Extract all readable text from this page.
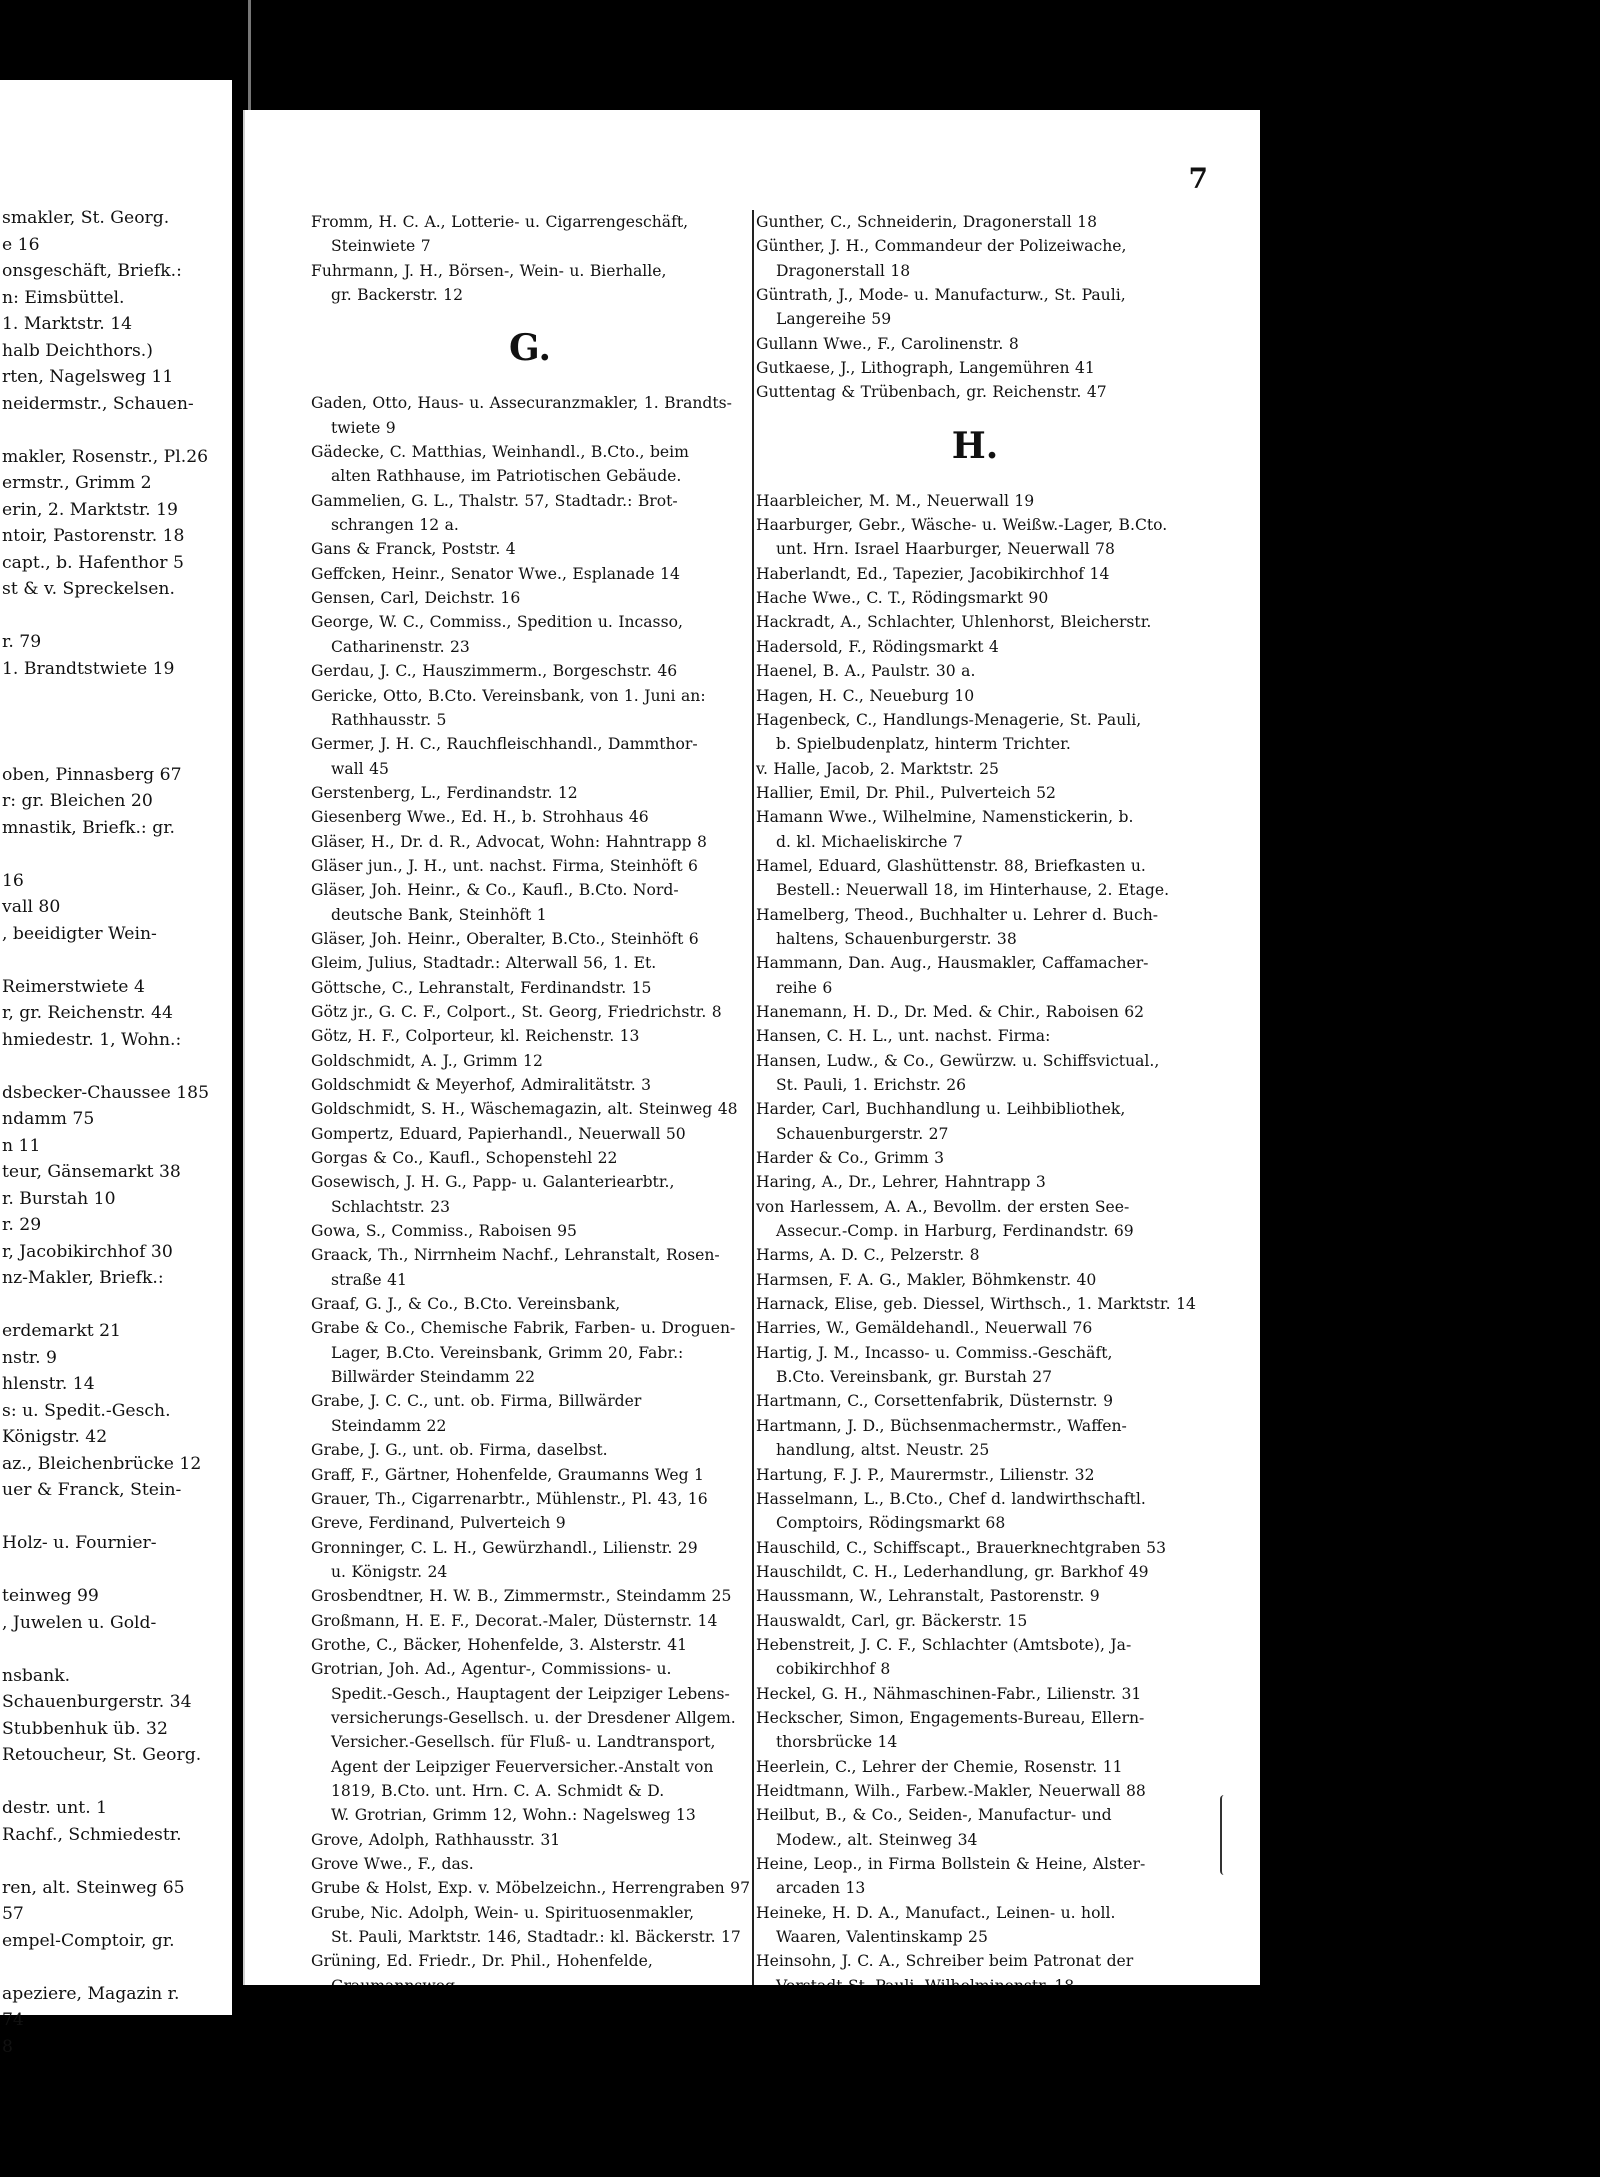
smakler, St. Georg.
e 16
onsgeschäft, Briefk.:
n: Eimsbüttel.
1. Marktstr. 14
halb Deichthors.)
rten, Nagelsweg 11
neidermstr., Schauen-

makler, Rosenstr., Pl.26
ermstr., Grimm 2
erin, 2. Marktstr. 19
ntoir, Pastorenstr. 18
capt., b. Hafenthor 5
st & v. Spreckelsen.

r. 79
1. Brandtstwiete 19

oben, Pinnasberg 67
r: gr. Bleichen 20
mnastik, Briefk.: gr.

16
vall 80
, beeidigter Wein-

Reimerstwiete 4
r, gr. Reichenstr. 44
hmiedestr. 1, Wohn.:

dsbecker-Chaussee 185
ndamm 75
n 11
teur, Gänsemarkt 38
r. Burstah 10
r. 29
r, Jacobikirchhof 30
nz-Makler, Briefk.:

erdemarkt 21
nstr. 9
hlenstr. 14
s: u. Spedit.-Gesch.
Königstr. 42
az., Bleichenbrücke 12
uer & Franck, Stein-

Holz- u. Fournier-

teinweg 99
, Juwelen u. Gold-

nsbank.
Schauenburgerstr. 34
Stubbenhuk üb. 32
Retoucheur, St. Georg.

destr. unt. 1
Rachf., Schmiedestr.

ren, alt. Steinweg 65
57
empel-Comptoir, gr.

apeziere, Magazin r.
74
8
7
Fromm, H. C. A., Lotterie- u. Cigarrengeschäft,
Steinwiete 7
Fuhrmann, J. H., Börsen-, Wein- u. Bierhalle,
gr. Backerstr. 12
G.
Gaden, Otto, Haus- u. Assecuranzmakler, 1. Brandts-
twiete 9
Gädecke, C. Matthias, Weinhandl., B.Cto., beim
alten Rathhause, im Patriotischen Gebäude.
Gammelien, G. L., Thalstr. 57, Stadtadr.: Brot-
schrangen 12 a.
Gans & Franck, Poststr. 4
Geffcken, Heinr., Senator Wwe., Esplanade 14
Gensen, Carl, Deichstr. 16
George, W. C., Commiss., Spedition u. Incasso,
Catharinenstr. 23
Gerdau, J. C., Hauszimmerm., Borgeschstr. 46
Gericke, Otto, B.Cto. Vereinsbank, von 1. Juni an:
Rathhausstr. 5
Germer, J. H. C., Rauchfleischhandl., Dammthor-
wall 45
Gerstenberg, L., Ferdinandstr. 12
Giesenberg Wwe., Ed. H., b. Strohhaus 46
Gläser, H., Dr. d. R., Advocat, Wohn: Hahntrapp 8
Gläser jun., J. H., unt. nachst. Firma, Steinhöft 6
Gläser, Joh. Heinr., & Co., Kaufl., B.Cto. Nord-
deutsche Bank, Steinhöft 1
Gläser, Joh. Heinr., Oberalter, B.Cto., Steinhöft 6
Gleim, Julius, Stadtadr.: Alterwall 56, 1. Et.
Göttsche, C., Lehranstalt, Ferdinandstr. 15
Götz jr., G. C. F., Colport., St. Georg, Friedrichstr. 8
Götz, H. F., Colporteur, kl. Reichenstr. 13
Goldschmidt, A. J., Grimm 12
Goldschmidt & Meyerhof, Admiralitätstr. 3
Goldschmidt, S. H., Wäschemagazin, alt. Steinweg 48
Gompertz, Eduard, Papierhandl., Neuerwall 50
Gorgas & Co., Kaufl., Schopenstehl 22
Gosewisch, J. H. G., Papp- u. Galanteriearbtr.,
Schlachtstr. 23
Gowa, S., Commiss., Raboisen 95
Graack, Th., Nirrnheim Nachf., Lehranstalt, Rosen-
straße 41
Graaf, G. J., & Co., B.Cto. Vereinsbank,
Grabe & Co., Chemische Fabrik, Farben- u. Droguen-
Lager, B.Cto. Vereinsbank, Grimm 20, Fabr.:
Billwärder Steindamm 22
Grabe, J. C. C., unt. ob. Firma, Billwärder
Steindamm 22
Grabe, J. G., unt. ob. Firma, daselbst.
Graff, F., Gärtner, Hohenfelde, Graumanns Weg 1
Grauer, Th., Cigarrenarbtr., Mühlenstr., Pl. 43, 16
Greve, Ferdinand, Pulverteich 9
Gronninger, C. L. H., Gewürzhandl., Lilienstr. 29
u. Königstr. 24
Grosbendtner, H. W. B., Zimmermstr., Steindamm 25
Großmann, H. E. F., Decorat.-Maler, Düsternstr. 14
Grothe, C., Bäcker, Hohenfelde, 3. Alsterstr. 41
Grotrian, Joh. Ad., Agentur-, Commissions- u.
Spedit.-Gesch., Hauptagent der Leipziger Lebens-
versicherungs-Gesellsch. u. der Dresdener Allgem.
Versicher.-Gesellsch. für Fluß- u. Landtransport,
Agent der Leipziger Feuerversicher.-Anstalt von
1819, B.Cto. unt. Hrn. C. A. Schmidt & D.
W. Grotrian, Grimm 12, Wohn.: Nagelsweg 13
Grove, Adolph, Rathhausstr. 31
Grove Wwe., F., das.
Grube & Holst, Exp. v. Möbelzeichn., Herrengraben 97
Grube, Nic. Adolph, Wein- u. Spirituosenmakler,
St. Pauli, Marktstr. 146, Stadtadr.: kl. Bäckerstr. 17
Grüning, Ed. Friedr., Dr. Phil., Hohenfelde,
Gunther, C., Schneiderin, Dragonerstall 18
Günther, J. H., Commandeur der Polizeiwache,
Dragonerstall 18
Güntrath, J., Mode- u. Manufacturw., St. Pauli,
Langereihe 59
Gullann Wwe., F., Carolinenstr. 8
Gutkaese, J., Lithograph, Langemühren 41
Guttentag & Trübenbach, gr. Reichenstr. 47
H.
Haarbleicher, M. M., Neuerwall 19
Haarburger, Gebr., Wäsche- u. Weißw.-Lager, B.Cto.
unt. Hrn. Israel Haarburger, Neuerwall 78
Haberlandt, Ed., Tapezier, Jacobikirchhof 14
Hache Wwe., C. T., Rödingsmarkt 90
Hackradt, A., Schlachter, Uhlenhorst, Bleicherstr.
Hadersold, F., Rödingsmarkt 4
Haenel, B. A., Paulstr. 30 a.
Hagen, H. C., Neueburg 10
Hagenbeck, C., Handlungs-Menagerie, St. Pauli,
b. Spielbudenplatz, hinterm Trichter.
v. Halle, Jacob, 2. Marktstr. 25
Hallier, Emil, Dr. Phil., Pulverteich 52
Hamann Wwe., Wilhelmine, Namenstickerin, b.
d. kl. Michaeliskirche 7
Hamel, Eduard, Glashüttenstr. 88, Briefkasten u.
Bestell.: Neuerwall 18, im Hinterhause, 2. Etage.
Hamelberg, Theod., Buchhalter u. Lehrer d. Buch-
haltens, Schauenburgerstr. 38
Hammann, Dan. Aug., Hausmakler, Caffamacher-
reihe 6
Hanemann, H. D., Dr. Med. & Chir., Raboisen 62
Hansen, C. H. L., unt. nachst. Firma:
Hansen, Ludw., & Co., Gewürzw. u. Schiffsvictual.,
St. Pauli, 1. Erichstr. 26
Harder, Carl, Buchhandlung u. Leihbibliothek,
Schauenburgerstr. 27
Harder & Co., Grimm 3
Haring, A., Dr., Lehrer, Hahntrapp 3
von Harlessem, A. A., Bevollm. der ersten See-
Assecur.-Comp. in Harburg, Ferdinandstr. 69
Harms, A. D. C., Pelzerstr. 8
Harmsen, F. A. G., Makler, Böhmkenstr. 40
Harnack, Elise, geb. Diessel, Wirthsch., 1. Marktstr. 14
Harries, W., Gemäldehandl., Neuerwall 76
Hartig, J. M., Incasso- u. Commiss.-Geschäft,
B.Cto. Vereinsbank, gr. Burstah 27
Hartmann, C., Corsettenfabrik, Düsternstr. 9
Hartmann, J. D., Büchsenmachermstr., Waffen-
handlung, altst. Neustr. 25
Hartung, F. J. P., Maurermstr., Lilienstr. 32
Hasselmann, L., B.Cto., Chef d. landwirthschaftl.
Comptoirs, Rödingsmarkt 68
Hauschild, C., Schiffscapt., Brauerknechtgraben 53
Hauschildt, C. H., Lederhandlung, gr. Barkhof 49
Haussmann, W., Lehranstalt, Pastorenstr. 9
Hauswaldt, Carl, gr. Bäckerstr. 15
Hebenstreit, J. C. F., Schlachter (Amtsbote), Ja-
cobikirchhof 8
Heckel, G. H., Nähmaschinen-Fabr., Lilienstr. 31
Heckscher, Simon, Engagements-Bureau, Ellern-
thorsbrücke 14
Heerlein, C., Lehrer der Chemie, Rosenstr. 11
Heidtmann, Wilh., Farbew.-Makler, Neuerwall 88
Heilbut, B., & Co., Seiden-, Manufactur- und
Modew., alt. Steinweg 34
Heine, Leop., in Firma Bollstein & Heine, Alster-
arcaden 13
Heineke, H. D. A., Manufact., Leinen- u. holl.
Waaren, Valentinskamp 25
Heinsohn, J. C. A., Schreiber beim Patronat der
